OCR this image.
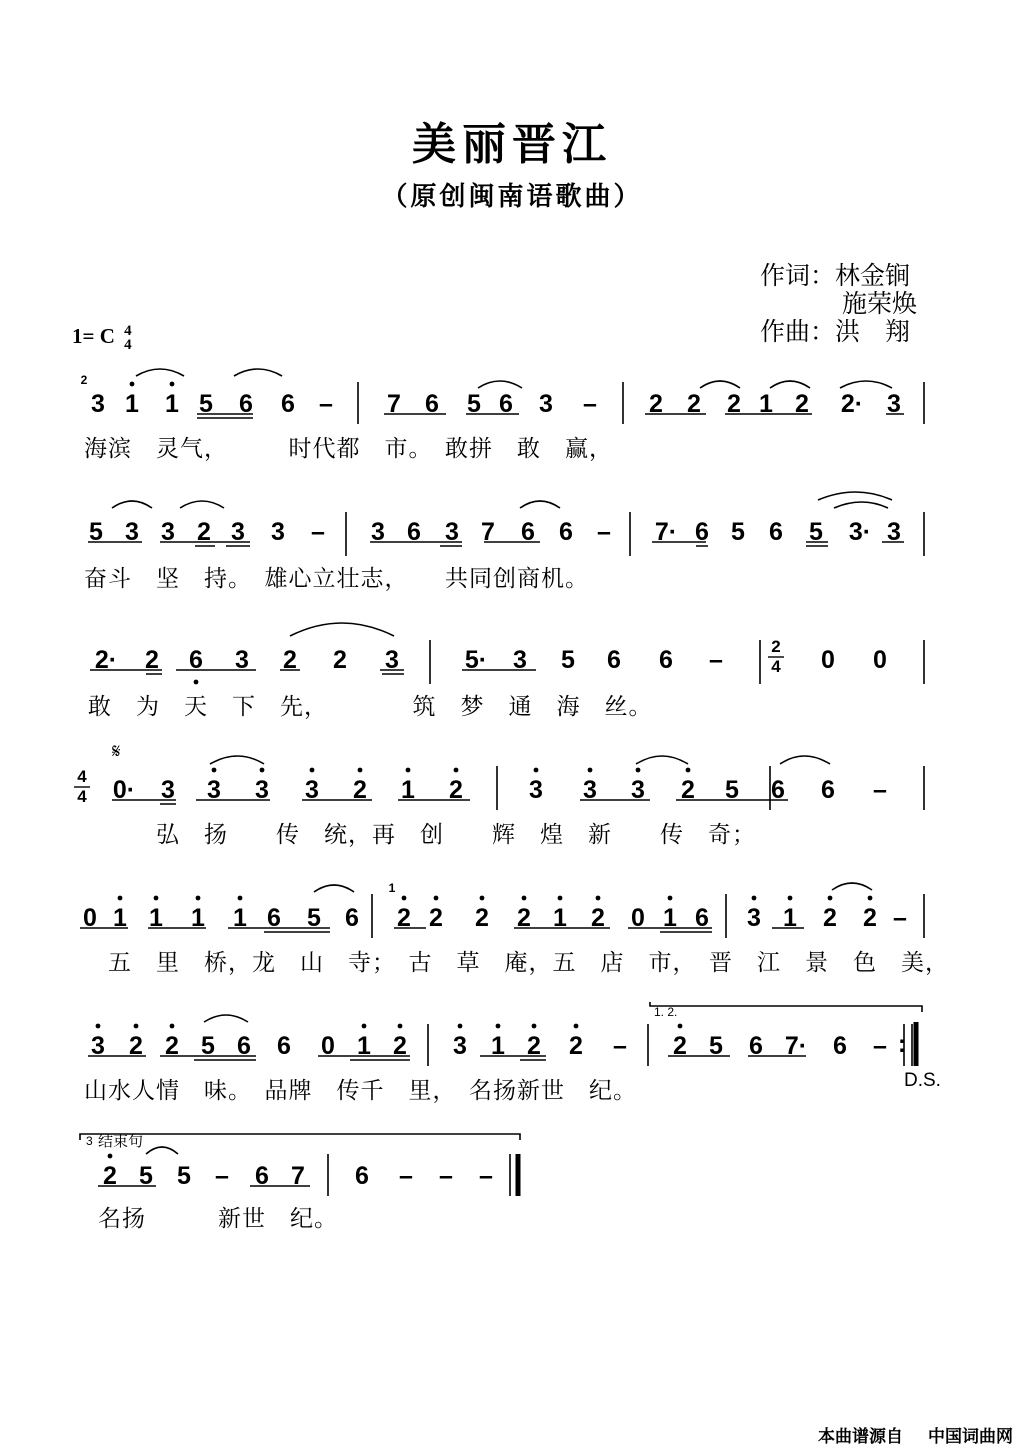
美丽晋江
（原创闽南语歌曲）
作词：林金锏
施荣焕
作曲：洪　翔
1= C 4
4
3 1 1 5 6 6 – 7 6 5 6 3 – 2 2 2 1 2 2· 3
5 3 3 2 3 3 – 3 6 3 7 6 6 – 7· 6 5 6 5 3· 3
2· 2 6 3 2 2 3	5· 3 5 6 6 –	0 0
0· 3 3 3 3 2 1 2	3 3 3 2 5 6 6 –
0 1 1 1 1 6 5 6 2 2 2 2 1 2 0 1 6 3 1 2 2 –
3 2 2 5 6 6 0 1 2 3 1 2 2 – 2 5 6 7· 6 – :
2 5 5 – 6 7 6 – – –
2
1
2
4
4
4
𝄋
D.S.
1. 2.
3 结束句
海滨　灵气，　　　时代都　市。　敢拼　敢　赢，
奋斗　坚　持。　雄心立壮志，　　共同创商机。
敢　为　天　下　先，　　　　筑　梦　通　海　丝。
弘　扬　　传　统，再　创　　辉　煌　新　　传　奇；
五　里　桥，龙　山　寺；　古　草　庵，五　店　市，　晋　江　景　色　美，
山水人情　味。　品牌　传千　里，　名扬新世　纪。
名扬　　　新世　纪。
本曲谱源自 中国词曲网
